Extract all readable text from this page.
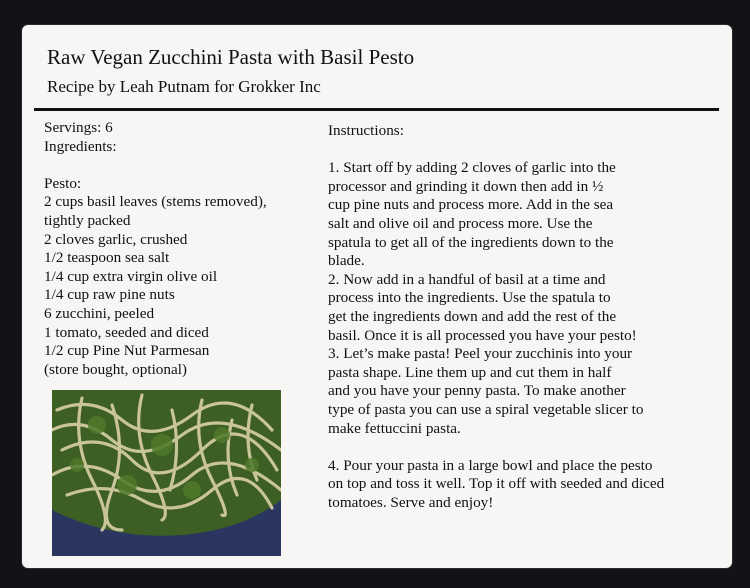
Raw Vegan Zucchini Pasta with Basil Pesto
Recipe by Leah Putnam for Grokker Inc
Servings: 6
Ingredients:
Pesto:
2 cups basil leaves (stems removed),
tightly packed
2 cloves garlic, crushed
1/2 teaspoon sea salt
1/4 cup extra virgin olive oil
1/4 cup raw pine nuts
6 zucchini, peeled
1 tomato, seeded and diced
1/2 cup Pine Nut Parmesan
(store bought, optional)

Instructions:

1. Start off by adding 2 cloves of garlic into the
processor and grinding it down then add in ½
cup pine nuts and process more. Add in the sea
salt and olive oil and process more. Use the
spatula to get all of the ingredients down to the
blade.

2. Now add in a handful of basil at a time and
process into the ingredients. Use the spatula to
get the ingredients down and add the rest of the
basil. Once it is all processed you have your pesto!

3. Let’s make pasta! Peel your zucchinis into your
pasta shape. Line them up and cut them in half
and you have your penny pasta. To make another
type of pasta you can use a spiral vegetable slicer to
make fettuccini pasta.

4. Pour your pasta in a large bowl and place the pesto
on top and toss it well. Top it off with seeded and diced
tomatoes. Serve and enjoy!
